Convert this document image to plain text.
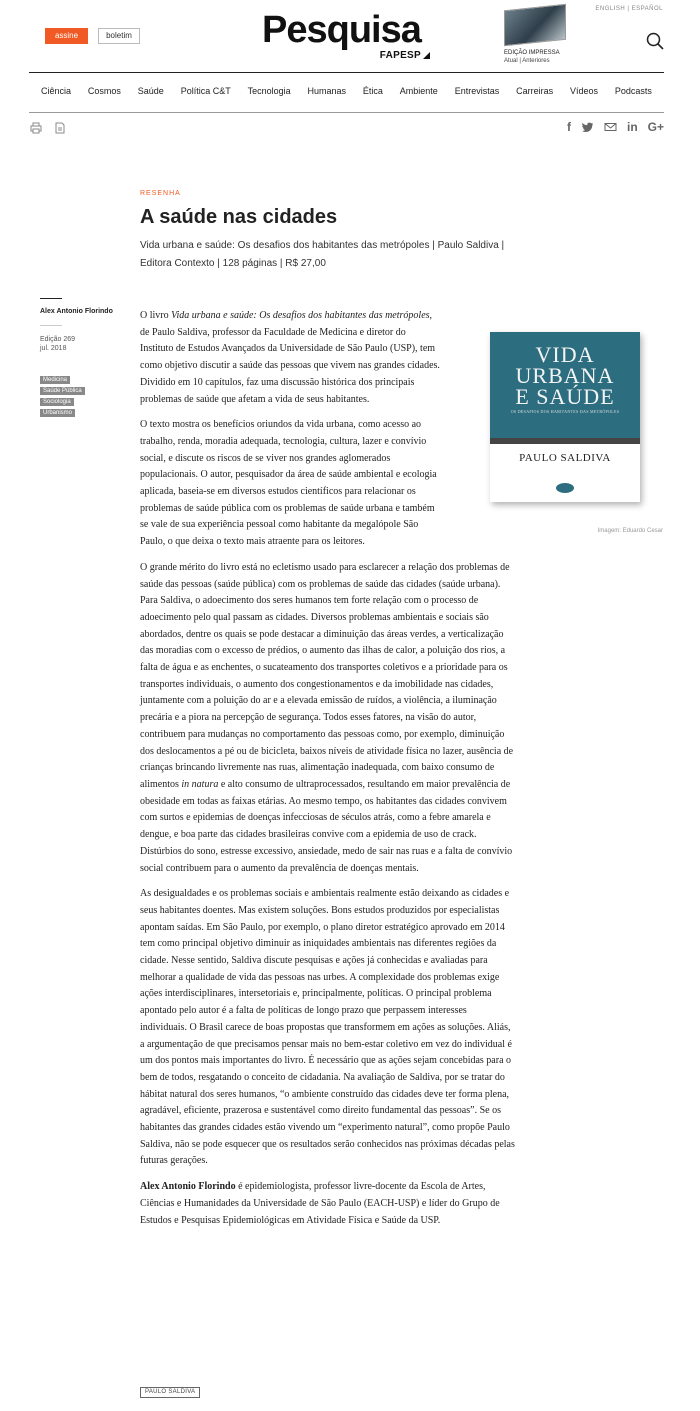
ENGLISH | ESPAÑOL
assine	boletim	Pesquisa
FAPESP	EDIÇÃO IMPRESSA
Atual | Anteriores
Ciência Cosmos Saúde Política C&T Tecnologia Humanas Ética Ambiente Entrevistas Carreiras Vídeos Podcasts
f	in G+
RESENHA
A saúde nas cidades
Vida urbana e saúde: Os desafios dos habitantes das metrópoles | Paulo Saldiva | Editora Contexto | 128 páginas | R$ 27,00
Alex Antonio Florindo
Edição 269
jul. 2018
Medicina
Saúde Pública
Sociologia
Urbanismo
VIDA
URBANA
E SAÚDE
OS DESAFIOS DOS HABITANTES DAS METRÓPOLES
PAULO SALDIVA
Imagem: Eduardo Cesar

O livro Vida urbana e saúde: Os desafios dos habitantes das metrópoles, de Paulo Saldiva, professor da Faculdade de Medicina e diretor do Instituto de Estudos Avançados da Universidade de São Paulo (USP), tem como objetivo discutir a saúde das pessoas que vivem nas grandes cidades. Dividido em 10 capítulos, faz uma discussão histórica dos principais problemas de saúde que afetam a vida de seus habitantes.

O texto mostra os benefícios oriundos da vida urbana, como acesso ao trabalho, renda, moradia adequada, tecnologia, cultura, lazer e convívio social, e discute os riscos de se viver nos grandes aglomerados populacionais. O autor, pesquisador da área de saúde ambiental e ecologia aplicada, baseia-se em diversos estudos científicos para relacionar os problemas de saúde pública com os problemas de saúde urbana e também se vale de sua experiência pessoal como habitante da megalópole São Paulo, o que deixa o texto mais atraente para os leitores.

O grande mérito do livro está no ecletismo usado para esclarecer a relação dos problemas de saúde das pessoas (saúde pública) com os problemas de saúde das cidades (saúde urbana). Para Saldiva, o adoecimento dos seres humanos tem forte relação com o processo de adoecimento pelo qual passam as cidades. Diversos problemas ambientais e sociais são abordados, dentre os quais se pode destacar a diminuição das áreas verdes, a verticalização das moradias com o excesso de prédios, o aumento das ilhas de calor, a poluição dos rios, a falta de água e as enchentes, o sucateamento dos transportes coletivos e a prioridade para os transportes individuais, o aumento dos congestionamentos e da imobilidade nas cidades, juntamente com a poluição do ar e a elevada emissão de ruídos, a violência, a iluminação precária e a piora na percepção de segurança. Todos esses fatores, na visão do autor, contribuem para mudanças no comportamento das pessoas como, por exemplo, diminuição dos deslocamentos a pé ou de bicicleta, baixos níveis de atividade física no lazer, ausência de crianças brincando livremente nas ruas, alimentação inadequada, com baixo consumo de alimentos in natura e alto consumo de ultraprocessados, resultando em maior prevalência de obesidade em todas as faixas etárias. Ao mesmo tempo, os habitantes das cidades convivem com surtos e epidemias de doenças infecciosas de séculos atrás, como a febre amarela e dengue, e boa parte das cidades brasileiras convive com a epidemia de uso de crack. Distúrbios do sono, estresse excessivo, ansiedade, medo de sair nas ruas e a falta de convívio social contribuem para o aumento da prevalência de doenças mentais.

As desigualdades e os problemas sociais e ambientais realmente estão deixando as cidades e seus habitantes doentes. Mas existem soluções. Bons estudos produzidos por especialistas apontam saídas. Em São Paulo, por exemplo, o plano diretor estratégico aprovado em 2014 tem como principal objetivo diminuir as iniquidades ambientais nas diferentes regiões da cidade. Nesse sentido, Saldiva discute pesquisas e ações já conhecidas e avaliadas para melhorar a qualidade de vida das pessoas nas urbes. A complexidade dos problemas exige ações interdisciplinares, intersetoriais e, principalmente, políticas. O principal problema apontado pelo autor é a falta de políticas de longo prazo que perpassem interesses individuais. O Brasil carece de boas propostas que transformem em ações as soluções. Aliás, a argumentação de que precisamos pensar mais no bem-estar coletivo em vez do individual é um dos pontos mais importantes do livro. É necessário que as ações sejam concebidas para o bem de todos, resgatando o conceito de cidadania. Na avaliação de Saldiva, por se tratar do hábitat natural dos seres humanos, “o ambiente construído das cidades deve ter forma plena, agradável, eficiente, prazerosa e sustentável como direito fundamental das pessoas”. Se os habitantes das grandes cidades estão vivendo um “experimento natural”, como propõe Paulo Saldiva, não se pode esquecer que os resultados serão conhecidos nas próximas décadas pelas futuras gerações.

Alex Antonio Florindo é epidemiologista, professor livre-docente da Escola de Artes, Ciências e Humanidades da Universidade de São Paulo (EACH-USP) e líder do Grupo de Estudos e Pesquisas Epidemiológicas em Atividade Física e Saúde da USP.

PAULO SALDIVA
